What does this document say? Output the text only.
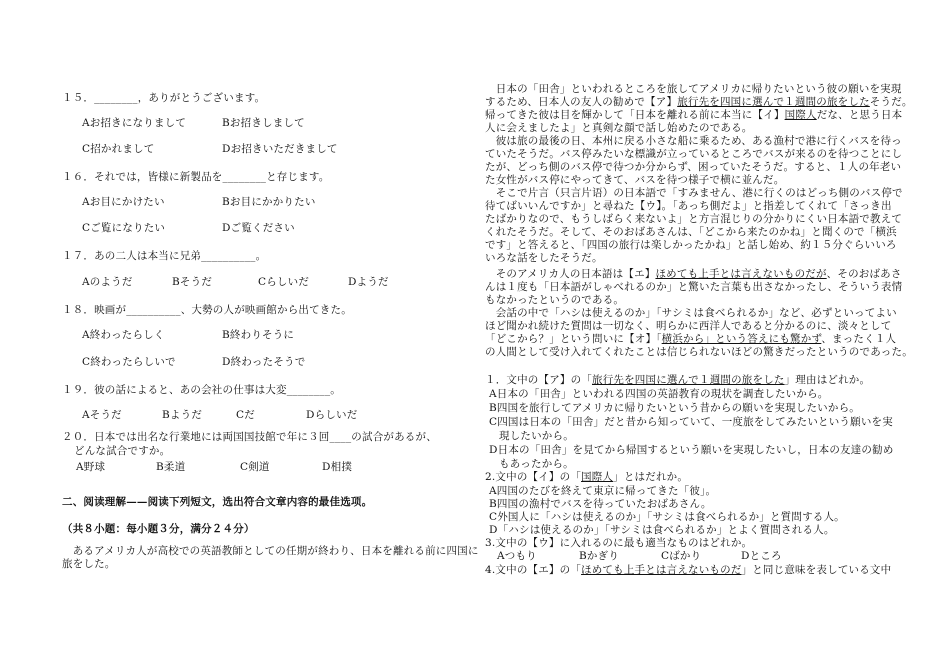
１５．________，ありがとうございます。
Aお招きになりまして	Bお招きしまして
C招かれまして	Dお招きいただきまして
１６．それでは，皆様に新製品を________と存じます。
Aお目にかけたい	Bお目にかかりたい
Cご覧になりたい	Dご覧ください
１７．あの二人は本当に兄弟__________。
Aのようだ	Bそうだ	Cらしいだ	Dようだ
１８．映画が__________、大勢の人が映画館から出てきた。
A終わったらしく	B終わりそうに
C終わったらしいで	D終わったそうで
１９．彼の話によると、あの会社の仕事は大変________。
Aそうだ	Bようだ	Cだ	Dらしいだ
２０．日本では出名な行業地には両国国技館で年に３回____の試合があるが、
どんな試合ですか。
A野球	B柔道	C剣道	D相撲
二、阅读理解——阅读下列短文，选出符合文章内容的最佳选项。
（共８小题：每小题３分，满分２４分）
　あるアメリカ人が高校での英語教師としての任期が終わり、日本を離れる前に四国に
旅をした。
　日本の「田舎」といわれるところを旅してアメリカに帰りたいという彼の願いを実現
するため、日本人の友人の勧めで【ア】旅行先を四国に選んで１週間の旅をしたそうだ。
帰ってきた彼は目を輝かして「日本を離れる前に本当に【イ】国際人だな、と思う日本
人に会えましたよ」と真剣な顔で話し始めたのである。
　彼は旅の最後の日、本州に戻る小さな船に乗るため、ある漁村で港に行くバスを待っ
ていたそうだ。バス停みたいな標識が立っているところでバスが来るのを待つことにし
たが、どっち側のバス停で待つか分からず、困っていたそうだ。すると、１人の年老い
た女性がバス停にやってきて、バスを待つ様子で横に並んだ。
　そこで片言（只言片语）の日本語で「すみません、港に行くのはどっち側のバス停で
待てばいいんですか」と尋ねた【ウ】。「あっち側だよ」と指差してくれて「さっき出
たばかりなので、もうしばらく来ないよ」と方言混じりの分かりにくい日本語で教えて
くれたそうだ。そして、そのおばあさんは、「どこから来たのかね」と聞くので「横浜
です」と答えると、「四国の旅行は楽しかったかね」と話し始め、約１５分ぐらいいろ
いろな話をしたそうだ。
　そのアメリカ人の日本語は【エ】ほめても上手とは言えないものだが、そのおばあさ
んは１度も「日本語がしゃべれるのか」と驚いた言葉も出さなかったし、そういう表情
もなかったというのである。
　会話の中で「ハシは使えるのか」「サシミは食べられるか」など、必ずといってよい
ほど聞かれ続けた質問は一切なく、明らかに西洋人であると分かるのに、淡々として
「どこから？」という問いに【オ】「横浜から」という答えにも驚かず、まったく１人
の人間として受け入れてくれたことは信じられないほどの驚きだったというのであった。
１．文中の【ア】の「旅行先を四国に選んで１週間の旅をした」理由はどれか。
A日本の「田舎」といわれる四国の英語教育の現状を調査したいから。
B四国を旅行してアメリカに帰りたいという昔からの願いを実現したいから。
C四国は日本の「田舎」だと昔から知っていて、一度旅をしてみたいという願いを実
現したいから。
D日本の「田舎」を見てから帰国するという願いを実現したいし，日本の友達の勧め
もあったから。
2.文中の【イ】の「国際人」とはだれか。
A四国のたびを終えて東京に帰ってきた「彼」。
B四国の漁村でバスを待っていたおばあさん。
C外国人に「ハシは使えるのか」「サシミは食べられるか」と質問する人。
D「ハシは使えるのか」「サシミは食べられるか」とよく質問される人。
3.文中の【ウ】に入れるのに最も適当なものはどれか。
Aつもり	Bかぎり	Cばかり	Dところ
4.文中の【エ】の「ほめても上手とは言えないものだ」と同じ意味を表している文中
